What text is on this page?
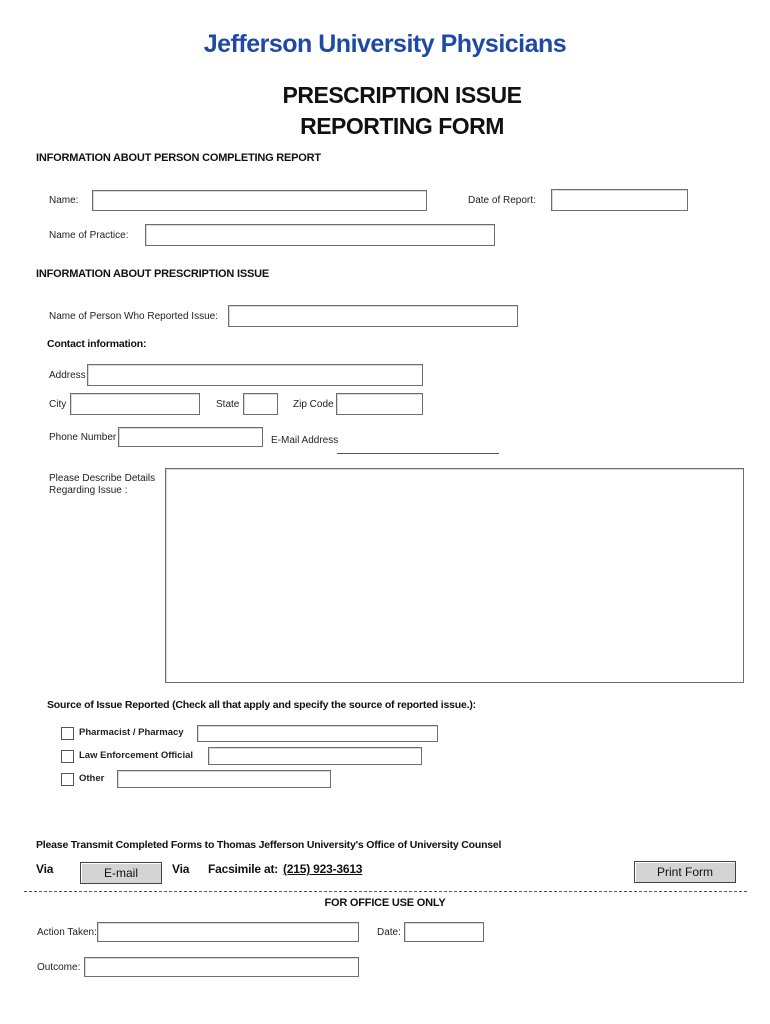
Jefferson University Physicians
PRESCRIPTION ISSUE
REPORTING FORM
INFORMATION ABOUT PERSON COMPLETING REPORT
Name:	Date of Report:
Name of Practice:
INFORMATION ABOUT PRESCRIPTION ISSUE
Name of Person Who Reported Issue:
Contact information:
Address
City	State	Zip Code
Phone Number	E-Mail Address
Please Describe Details
Regarding Issue :
Source of Issue Reported (Check all that apply and specify the source of reported issue.):
Pharmacist / Pharmacy
Law Enforcement Official
Other
Please Transmit Completed Forms to Thomas Jefferson University's Office of University Counsel
Via	E-mail	Via Facsimile at: (215) 923-3613	Print Form
FOR OFFICE USE ONLY
Action Taken:	Date:
Outcome:
